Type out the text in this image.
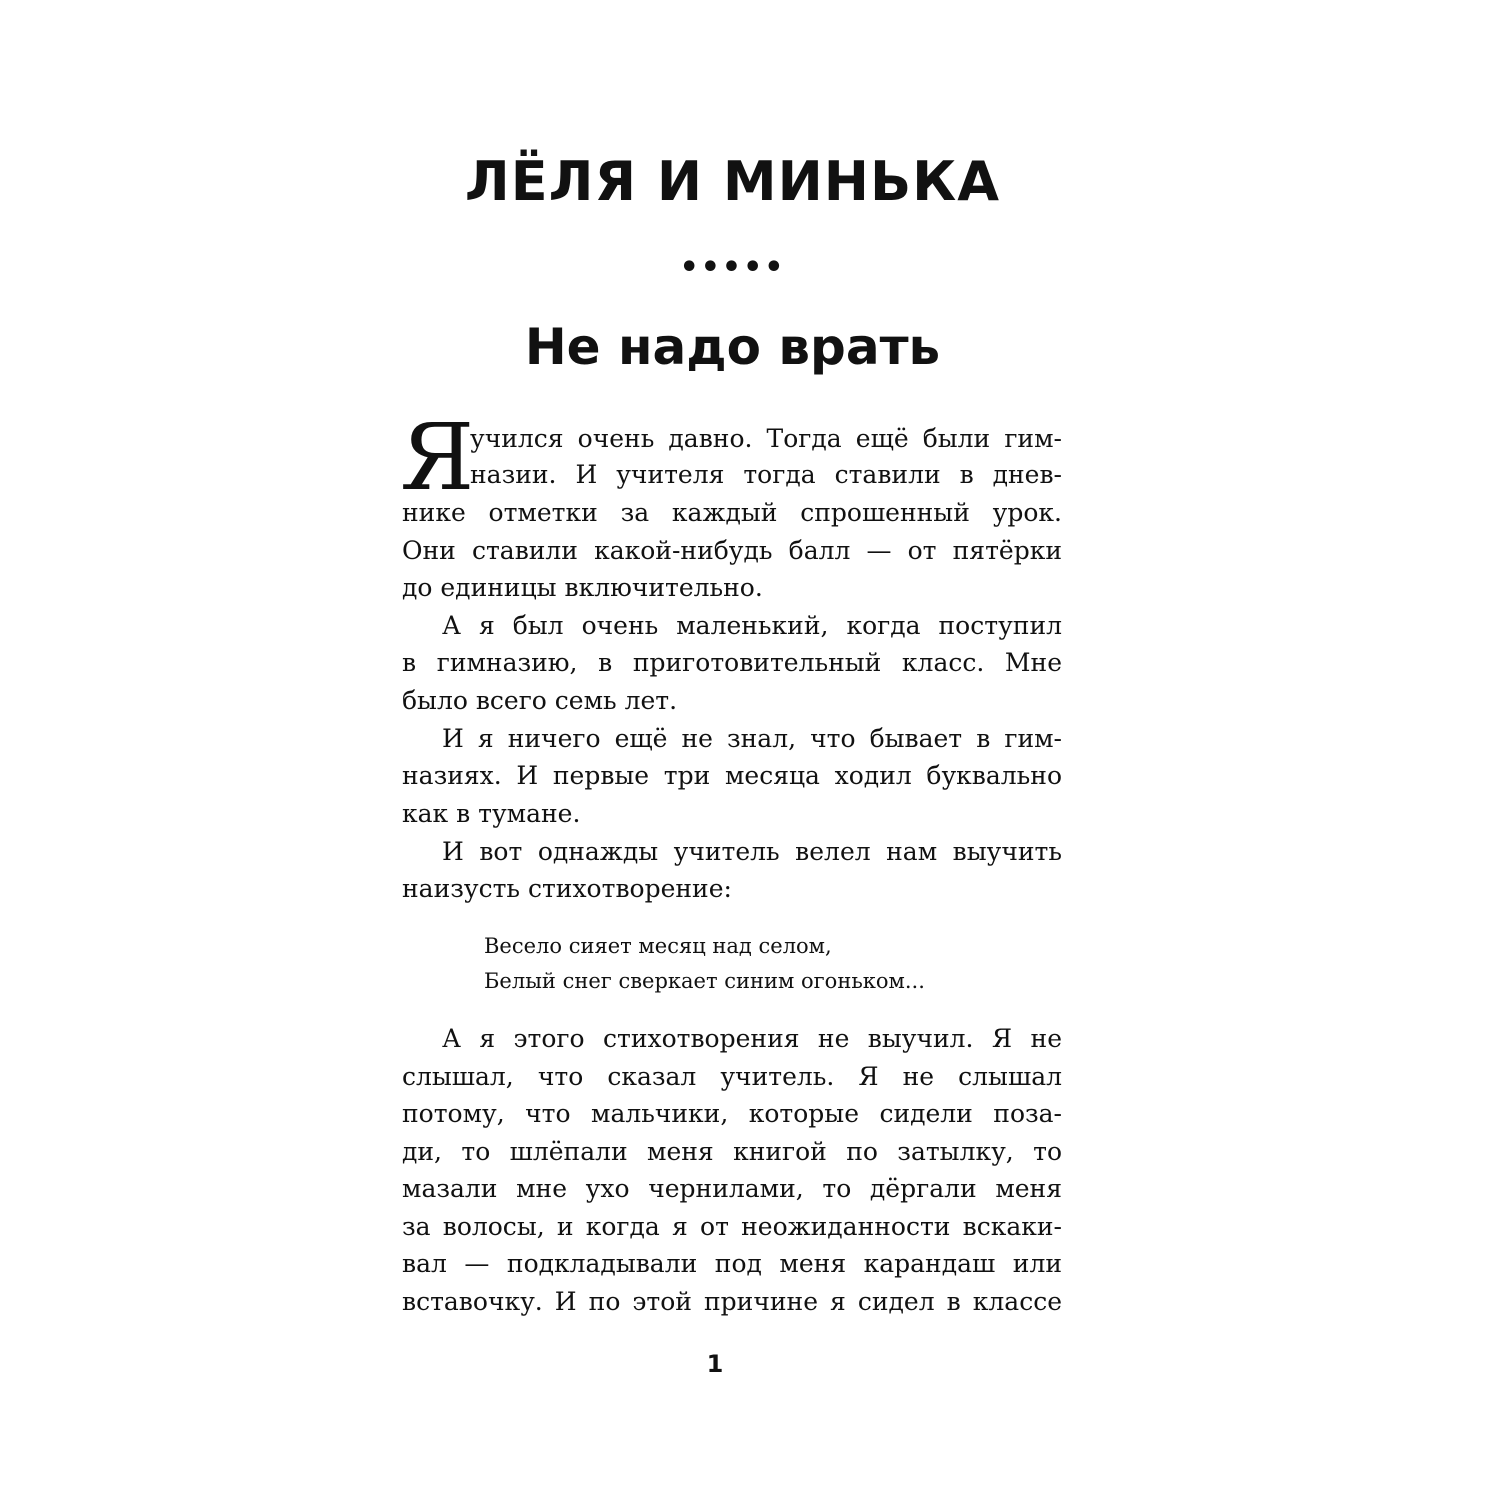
ЛЁЛЯ И МИНЬКА
•••••
Не надо врать
Я
учился очень давно. Тогда ещё были гим-
назии. И учителя тогда ставили в днев-
нике отметки за каждый спрошенный урок.
Они ставили какой-нибудь балл — от пятёрки
до единицы включительно.
А я был очень маленький, когда поступил
в гимназию, в приготовительный класс. Мне
было всего семь лет.
И я ничего ещё не знал, что бывает в гим-
назиях. И первые три месяца ходил буквально
как в тумане.
И вот однажды учитель велел нам выучить
наизусть стихотворение:
Весело сияет месяц над селом,
Белый снег сверкает синим огоньком...
А я этого стихотворения не выучил. Я не
слышал, что сказал учитель. Я не слышал
потому, что мальчики, которые сидели поза-
ди, то шлёпали меня книгой по затылку, то
мазали мне ухо чернилами, то дёргали меня
за волосы, и когда я от неожиданности вскаки-
вал — подкладывали под меня карандаш или
вставочку. И по этой причине я сидел в классе
1
